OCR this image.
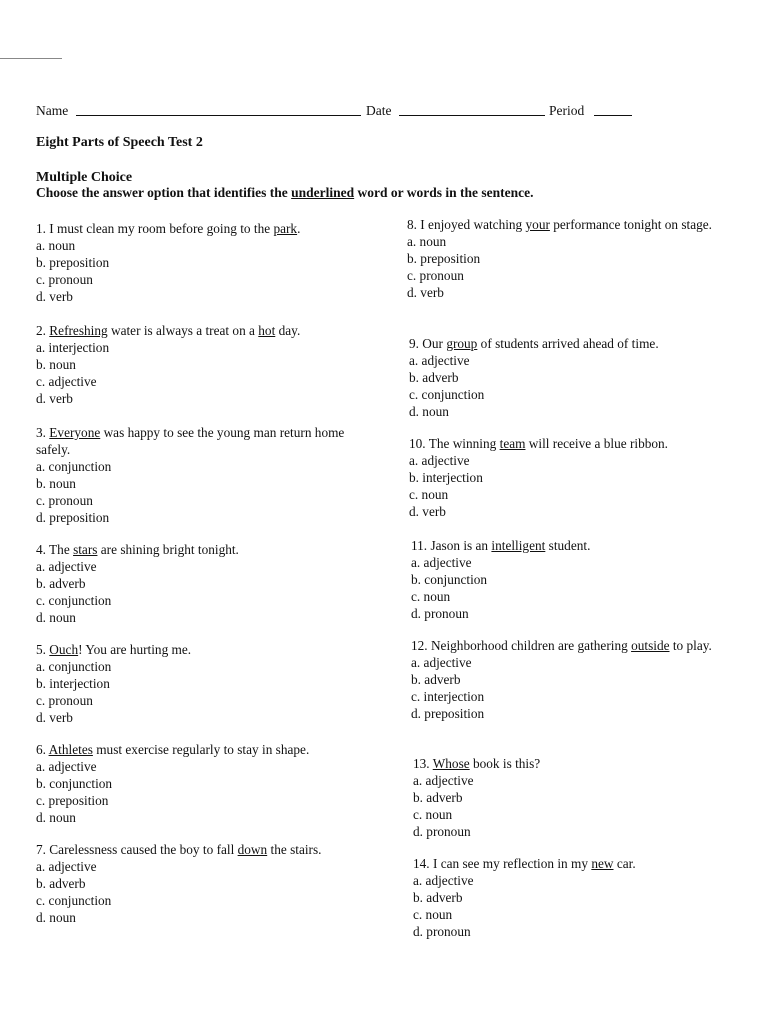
Name	Date	Period
Eight Parts of Speech Test 2
Multiple Choice

Choose the answer option that identifies the underlined word or words in the sentence.

1. I must clean my room before going to the park.

a. noun
b. preposition
c. pronoun
d. verb

2. Refreshing water is always a treat on a hot day.

a. interjection
b. noun
c. adjective
d. verb

3. Everyone was happy to see the young man return home safely.

a. conjunction
b. noun
c. pronoun
d. preposition

4. The stars are shining bright tonight.

a. adjective
b. adverb
c. conjunction
d. noun

5. Ouch! You are hurting me.

a. conjunction
b. interjection
c. pronoun
d. verb

6. Athletes must exercise regularly to stay in shape.

a. adjective
b. conjunction
c. preposition
d. noun

7. Carelessness caused the boy to fall down the stairs.

a. adjective
b. adverb
c. conjunction
d. noun

8. I enjoyed watching your performance tonight on stage.

a. noun
b. preposition
c. pronoun
d. verb

9. Our group of students arrived ahead of time.

a. adjective
b. adverb
c. conjunction
d. noun

10. The winning team will receive a blue ribbon.

a. adjective
b. interjection
c. noun
d. verb

11. Jason is an intelligent student.

a. adjective
b. conjunction
c. noun
d. pronoun

12. Neighborhood children are gathering outside to play.

a. adjective
b. adverb
c. interjection
d. preposition

13. Whose book is this?

a. adjective
b. adverb
c. noun
d. pronoun

14. I can see my reflection in my new car.

a. adjective
b. adverb
c. noun
d. pronoun
